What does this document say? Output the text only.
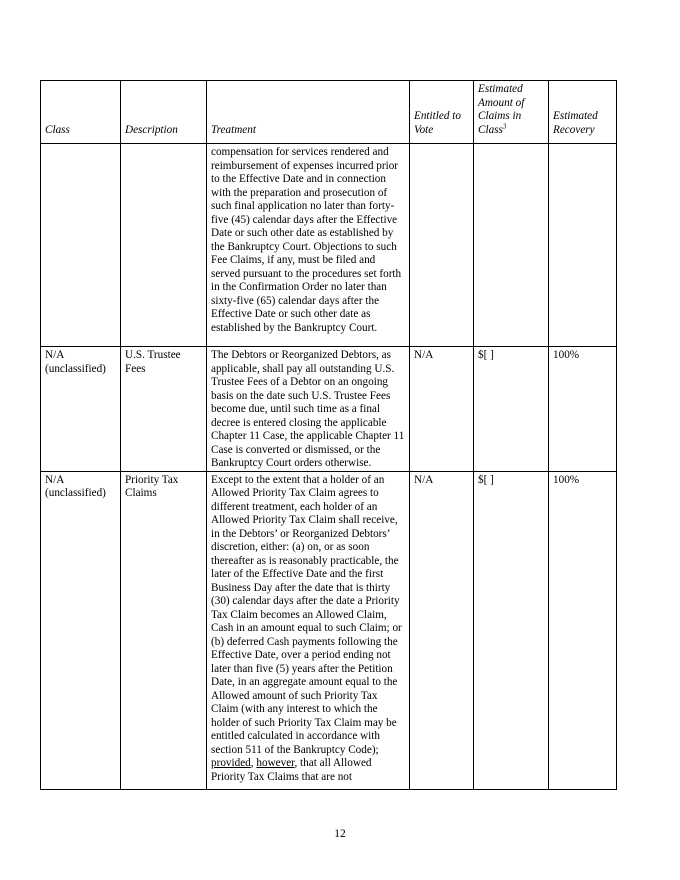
Class	Description	Treatment	Entitled to Vote	Estimated Amount of Claims in Class$^3$	Estimated Recovery

		compensation for services rendered and reimbursement of expenses incurred prior to the Effective Date and in connection with the preparation and prosecution of such final application no later than forty-five (45) calendar days after the Effective Date or such other date as established by the Bankruptcy Court. Objections to such Fee Claims, if any, must be filed and served pursuant to the procedures set forth in the Confirmation Order no later than sixty-five (65) calendar days after the Effective Date or such other date as established by the Bankruptcy Court.			

N/A (unclassified)	U.S. Trustee Fees	The Debtors or Reorganized Debtors, as applicable, shall pay all outstanding U.S. Trustee Fees of a Debtor on an ongoing basis on the date such U.S. Trustee Fees become due, until such time as a final decree is entered closing the applicable Chapter 11 Case, the applicable Chapter 11 Case is converted or dismissed, or the Bankruptcy Court orders otherwise.	N/A	$[ ]	100%
N/A (unclassified)	Priority Tax Claims	Except to the extent that a holder of an Allowed Priority Tax Claim agrees to different treatment, each holder of an Allowed Priority Tax Claim shall receive, in the Debtors’ or Reorganized Debtors’ discretion, either: (a) on, or as soon thereafter as is reasonably practicable, the later of the Effective Date and the first Business Day after the date that is thirty (30) calendar days after the date a Priority Tax Claim becomes an Allowed Claim, Cash in an amount equal to such Claim; or (b) deferred Cash payments following the Effective Date, over a period ending not later than five (5) years after the Petition Date, in an aggregate amount equal to the Allowed amount of such Priority Tax Claim (with any interest to which the holder of such Priority Tax Claim may be entitled calculated in accordance with section 511 of the Bankruptcy Code); provided, however, that all Allowed Priority Tax Claims that are not	N/A	$[ ]	100%
12
